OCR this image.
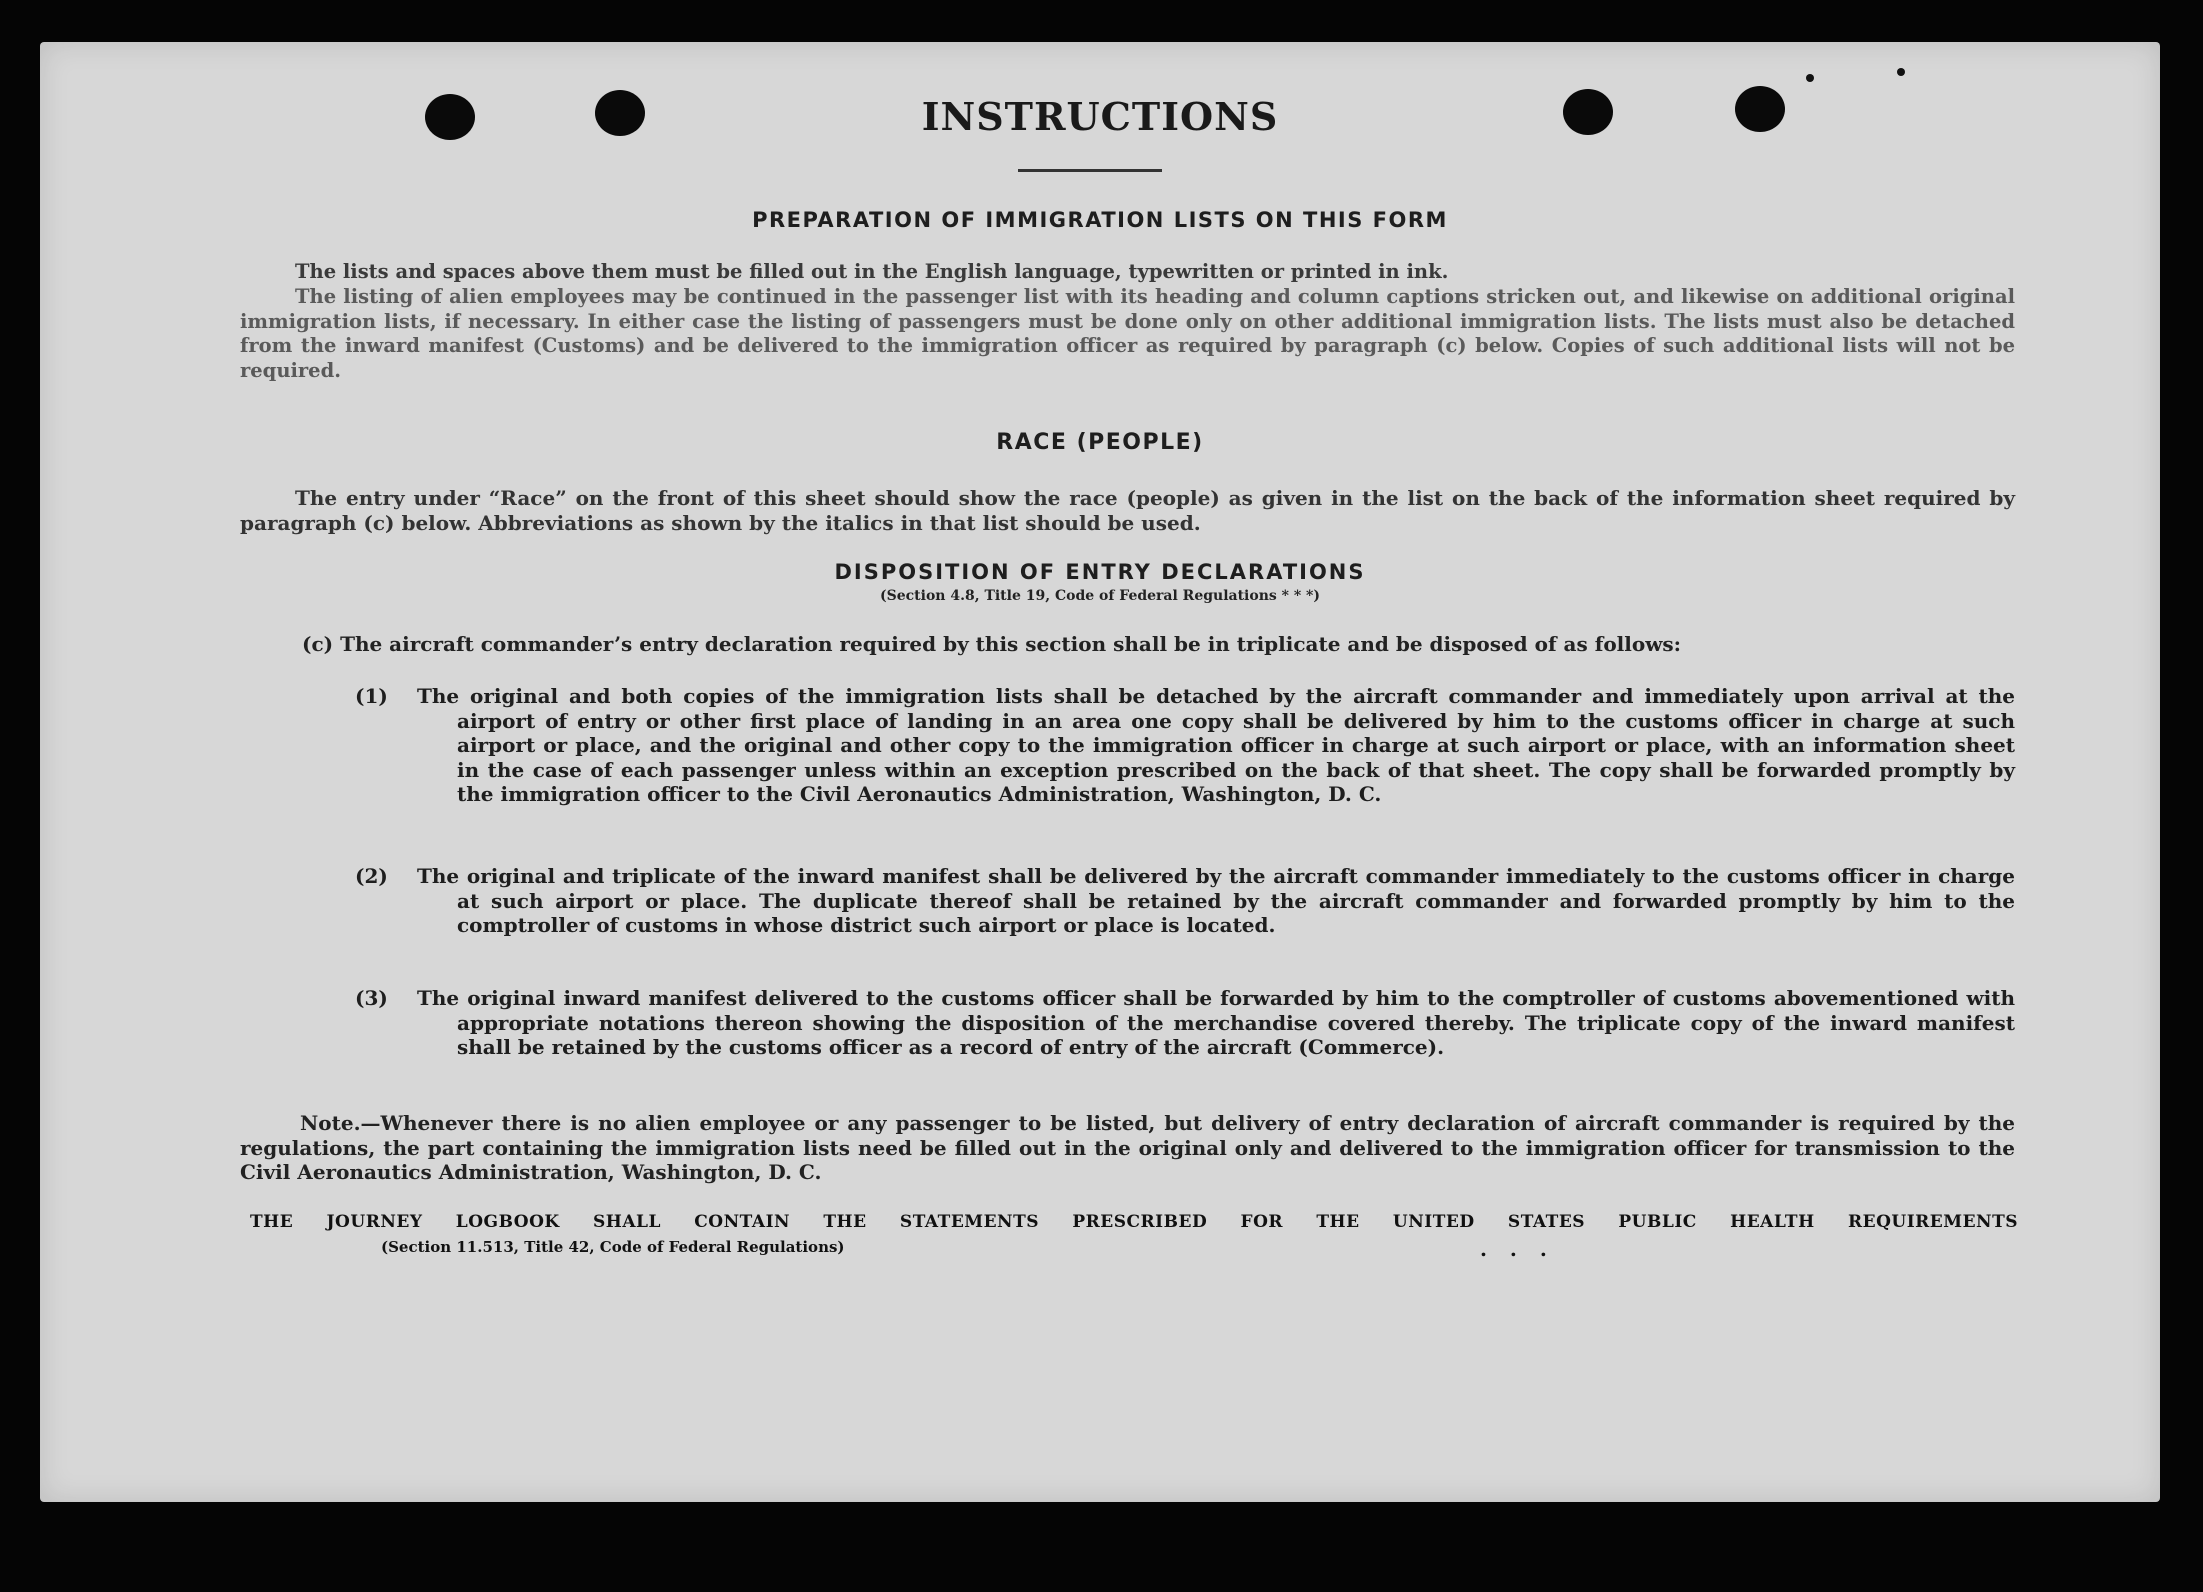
INSTRUCTIONS
PREPARATION OF IMMIGRATION LISTS ON THIS FORM

The lists and spaces above them must be filled out in the English language, typewritten or printed in ink.

The listing of alien employees may be continued in the passenger list with its heading and column captions stricken out, and likewise on additional original immigration lists, if necessary. In either case the listing of passengers must be done only on other additional immigration lists. The lists must also be detached from the inward manifest (Customs) and be delivered to the immigration officer as required by paragraph (c) below. Copies of such additional lists will not be required.

RACE (PEOPLE)

The entry under “Race” on the front of this sheet should show the race (people) as given in the list on the back of the information sheet required by paragraph (c) below. Abbreviations as shown by the italics in that list should be used.

DISPOSITION OF ENTRY DECLARATIONS
(Section 4.8, Title 19, Code of Federal Regulations * * *)

(c) The aircraft commander’s entry declaration required by this section shall be in triplicate and be disposed of as follows:

(1)	The original and both copies of the immigration lists shall be detached by the aircraft commander and immediately upon arrival at the airport of entry or other first place of landing in an area one copy shall be delivered by him to the customs officer in charge at such airport or place, and the original and other copy to the immigration officer in charge at such airport or place, with an information sheet in the case of each passenger unless within an exception prescribed on the back of that sheet. The copy shall be forwarded promptly by the immigration officer to the Civil Aeronautics Administration, Washington, D. C.
(2)	The original and triplicate of the inward manifest shall be delivered by the aircraft commander immediately to the customs officer in charge at such airport or place. The duplicate thereof shall be retained by the aircraft commander and forwarded promptly by him to the comptroller of customs in whose district such airport or place is located.
(3)	The original inward manifest delivered to the customs officer shall be forwarded by him to the comptroller of customs abovementioned with appropriate notations thereon showing the disposition of the merchandise covered thereby. The triplicate copy of the inward manifest shall be retained by the customs officer as a record of entry of the aircraft (Commerce).

Note.—Whenever there is no alien employee or any passenger to be listed, but delivery of entry declaration of aircraft commander is required by the regulations, the part containing the immigration lists need be filled out in the original only and delivered to the immigration officer for transmission to the Civil Aeronautics Administration, Washington, D. C.

THE JOURNEY LOGBOOK SHALL CONTAIN THE STATEMENTS PRESCRIBED FOR THE UNITED STATES PUBLIC HEALTH REQUIREMENTS
(Section 11.513, Title 42, Code of Federal Regulations)	. . .
